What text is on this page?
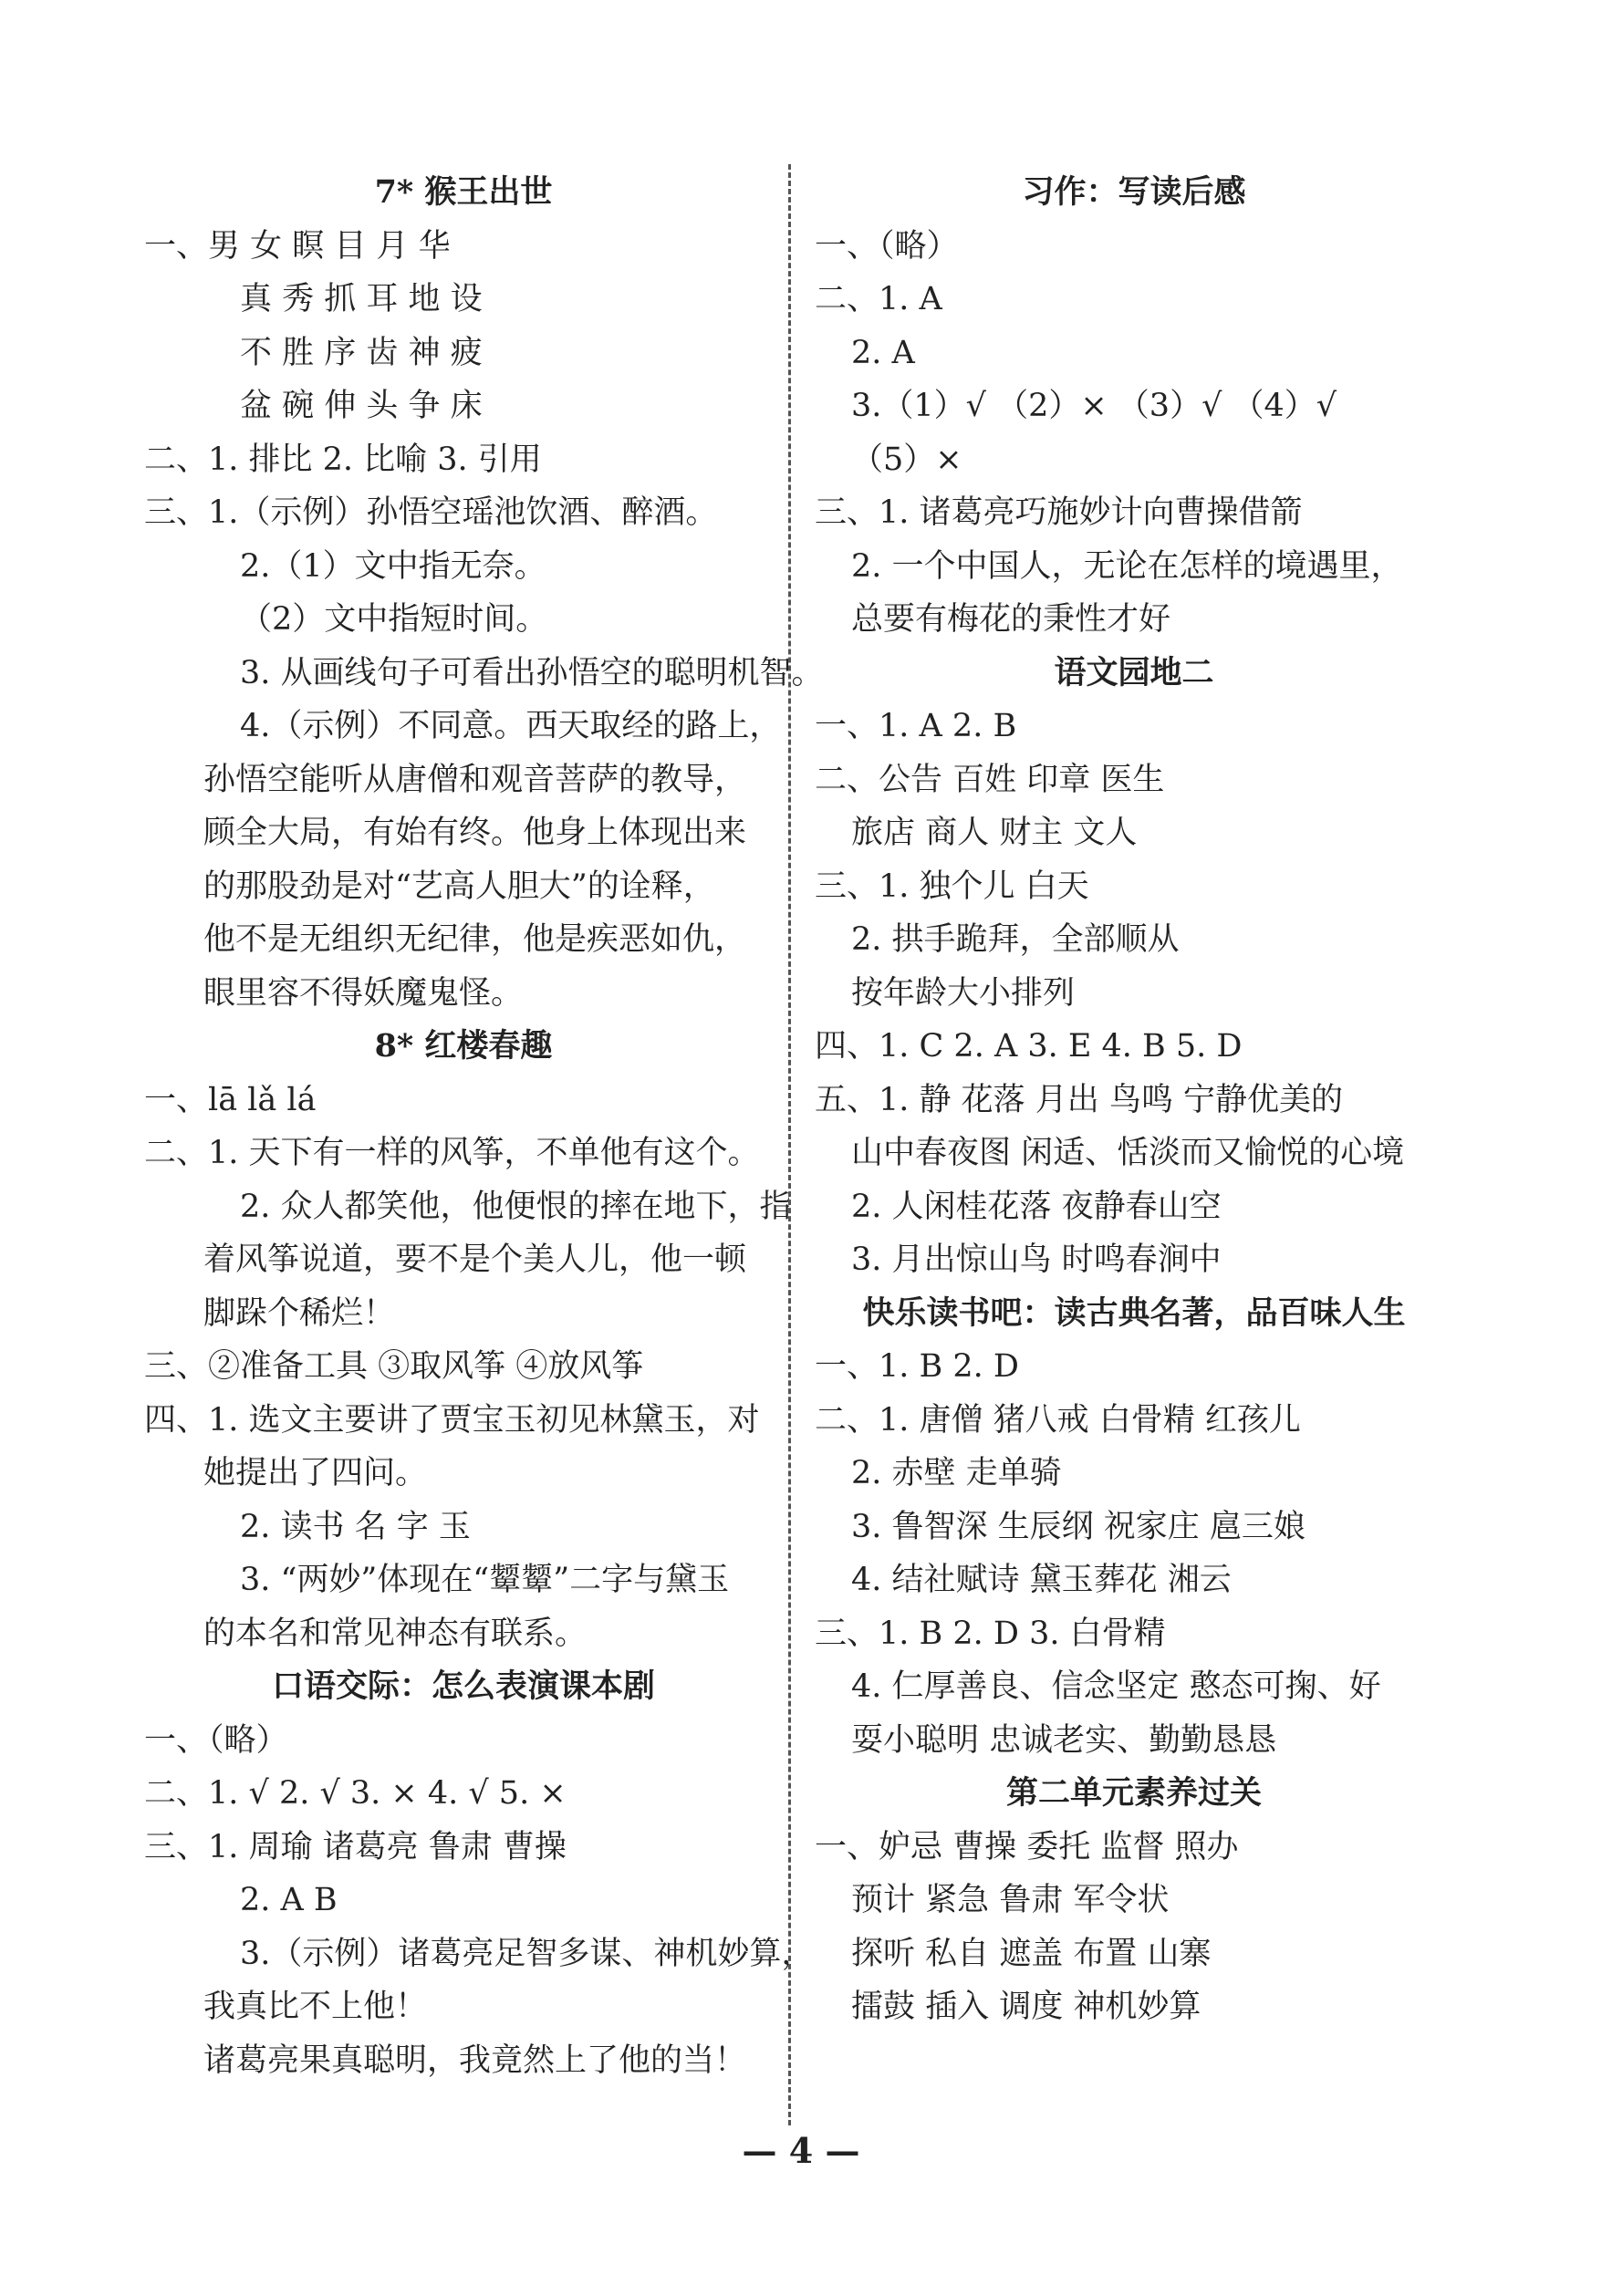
7* 猴王出世
一、男 女 瞑 目 月 华
真 秀 抓 耳 地 设
不 胜 序 齿 神 疲
盆 碗 伸 头 争 床
二、1. 排比 2. 比喻 3. 引用
三、1.（示例）孙悟空瑶池饮酒、醉酒。
2.（1）文中指无奈。
（2）文中指短时间。
3. 从画线句子可看出孙悟空的聪明机智。
4.（示例）不同意。西天取经的路上，
孙悟空能听从唐僧和观音菩萨的教导，
顾全大局，有始有终。他身上体现出来
的那股劲是对“艺高人胆大”的诠释，
他不是无组织无纪律，他是疾恶如仇，
眼里容不得妖魔鬼怪。
8* 红楼春趣
一、lā lǎ lá
二、1. 天下有一样的风筝，不单他有这个。
2. 众人都笑他，他便恨的摔在地下，指
着风筝说道，要不是个美人儿，他一顿
脚跺个稀烂！
三、②准备工具 ③取风筝 ④放风筝
四、1. 选文主要讲了贾宝玉初见林黛玉，对
她提出了四问。
2. 读书 名 字 玉
3. “两妙”体现在“颦颦”二字与黛玉
的本名和常见神态有联系。
口语交际：怎么表演课本剧
一、（略）
二、1. √ 2. √ 3. × 4. √ 5. ×
三、1. 周瑜 诸葛亮 鲁肃 曹操
2. A B
3.（示例）诸葛亮足智多谋、神机妙算，
我真比不上他！
诸葛亮果真聪明，我竟然上了他的当！
习作：写读后感
一、（略）
二、1. A
2. A
3.（1）√ （2）× （3）√ （4）√
（5）×
三、1. 诸葛亮巧施妙计向曹操借箭
2. 一个中国人，无论在怎样的境遇里，
总要有梅花的秉性才好
语文园地二
一、1. A 2. B
二、公告 百姓 印章 医生
旅店 商人 财主 文人
三、1. 独个儿 白天
2. 拱手跪拜，全部顺从
按年龄大小排列
四、1. C 2. A 3. E 4. B 5. D
五、1. 静 花落 月出 鸟鸣 宁静优美的
山中春夜图 闲适、恬淡而又愉悦的心境
2. 人闲桂花落 夜静春山空
3. 月出惊山鸟 时鸣春涧中
快乐读书吧：读古典名著，品百味人生
一、1. B 2. D
二、1. 唐僧 猪八戒 白骨精 红孩儿
2. 赤壁 走单骑
3. 鲁智深 生辰纲 祝家庄 扈三娘
4. 结社赋诗 黛玉葬花 湘云
三、1. B 2. D 3. 白骨精
4. 仁厚善良、信念坚定 憨态可掬、好
耍小聪明 忠诚老实、勤勤恳恳
第二单元素养过关
一、妒忌 曹操 委托 监督 照办
预计 紧急 鲁肃 军令状
探听 私自 遮盖 布置 山寨
擂鼓 插入 调度 神机妙算
— 4 —
